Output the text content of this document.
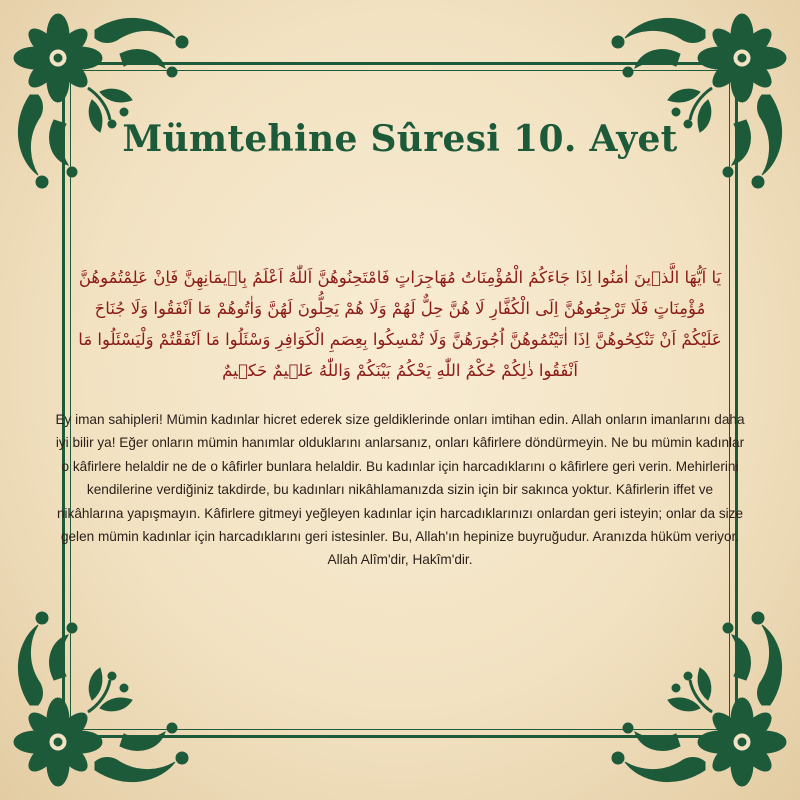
Mümtehine Sûresi 10. Ayet
يَا اَيُّهَا الَّذٖينَ اٰمَنُوا اِذَا جَاءَكُمُ الْمُؤْمِنَاتُ مُهَاجِرَاتٍ فَامْتَحِنُوهُنَّ اَللّٰهُ اَعْلَمُ بِاٖيمَانِهِنَّ فَاِنْ عَلِمْتُمُوهُنَّ مُؤْمِنَاتٍ فَلَا تَرْجِعُوهُنَّ اِلَى الْكُفَّارِ لَا هُنَّ حِلٌّ لَهُمْ وَلَا هُمْ يَحِلُّونَ لَهُنَّ وَاٰتُوهُمْ مَا اَنْفَقُوا وَلَا جُنَاحَ عَلَيْكُمْ اَنْ تَنْكِحُوهُنَّ اِذَا اٰتَيْتُمُوهُنَّ اُجُورَهُنَّ وَلَا تُمْسِكُوا بِعِصَمِ الْكَوَافِرِ وَسْئَلُوا مَا اَنْفَقْتُمْ وَلْيَسْئَلُوا مَا اَنْفَقُوا ذٰلِكُمْ حُكْمُ اللّٰهِ يَحْكُمُ بَيْنَكُمْ وَاللّٰهُ عَلٖيمٌ حَكٖيمٌ
Ey iman sahipleri! Mümin kadınlar hicret ederek size geldiklerinde onları imtihan edin. Allah onların imanlarını daha iyi bilir ya! Eğer onların mümin hanımlar olduklarını anlarsanız, onları kâfirlere döndürmeyin. Ne bu mümin kadınlar o kâfirlere helaldir ne de o kâfirler bunlara helaldir. Bu kadınlar için harcadıklarını o kâfirlere geri verin. Mehirlerini kendilerine verdiğiniz takdirde, bu kadınları nikâhlamanızda sizin için bir sakınca yoktur. Kâfirlerin iffet ve nikâhlarına yapışmayın. Kâfirlere gitmeyi yeğleyen kadınlar için harcadıklarınızı onlardan geri isteyin; onlar da size gelen mümin kadınlar için harcadıklarını geri istesinler. Bu, Allah'ın hepinize buyruğudur. Aranızda hüküm veriyor. Allah Alîm'dir, Hakîm'dir.
